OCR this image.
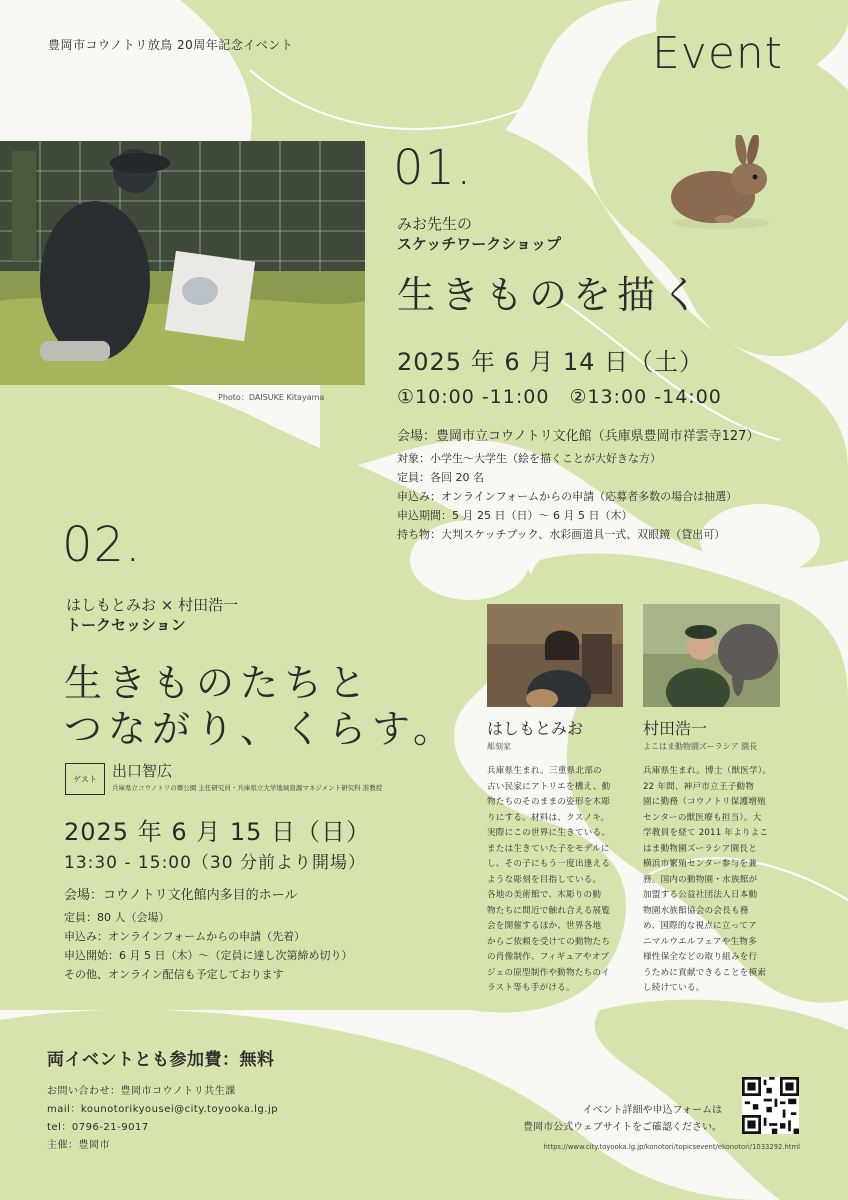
豊岡市コウノトリ放鳥 20周年記念イベント	Event
Photo：DAISUKE Kitayama
01.
みお先生の
スケッチワークショップ
生きものを描く
2025 年 6 月 14 日（土）
①10:00 -11:00　②13:00 -14:00
会場：豊岡市立コウノトリ文化館（兵庫県豊岡市祥雲寺127）
対象：小学生〜大学生（絵を描くことが大好きな方）
定員：各回 20 名
申込み：オンラインフォームからの申請（応募者多数の場合は抽選）
申込期間：5 月 25 日（日）〜 6 月 5 日（木）
持ち物：大判スケッチブック、水彩画道具一式、双眼鏡（貸出可）
02.
はしもとみお × 村田浩一
トークセッション
生きものたちと
つながり、くらす。
ゲスト	出口智広
兵庫県立コウノトリの郷公園 主任研究員・兵庫県立大学地域資源マネジメント研究科 准教授
2025 年 6 月 15 日（日）
13:30 - 15:00（30 分前より開場）
会場：コウノトリ文化館内多目的ホール
定員：80 人（会場）
申込み：オンラインフォームからの申請（先着）
申込開始：6 月 5 日（木）〜（定員に達し次第締め切り）
その他、オンライン配信も予定しております
はしもとみお
彫刻家
兵庫県生まれ。三重県北部の
古い民家にアトリエを構え、動
物たちのそのままの姿形を木彫
りにする。材料は、クスノキ。
実際にこの世界に生きている、
または生きていた子をモデルに
し、その子にもう一度出逢える
ような彫刻を目指している。
各地の美術館で、木彫りの動
物たちに間近で触れ合える展覧
会を開催するほか、世界各地
からご依頼を受けての動物たち
の肖像制作、フィギュアやオブ
ジェの原型制作や動物たちのイ
ラスト等も手がける。
村田浩一
よこはま動物園ズーラシア 園長
兵庫県生まれ。博士（獣医学）。
22 年間、神戸市立王子動物
園に勤務（コウノトリ保護増殖
センターの獣医療も担当）。大
学教員を経て 2011 年よりよこ
はま動物園ズーラシア園長と
横浜市繁殖センター参与を兼
務。国内の動物園・水族館が
加盟する公益社団法人日本動
物園水族館協会の会長も務
め、国際的な視点に立ってア
ニマルウエルフェアや生物多
様性保全などの取り組みを行
うために貢献できることを模索
し続けている。
両イベントとも参加費：無料
お問い合わせ：豊岡市コウノトリ共生課
mail：kounotorikyousei@city.toyooka.lg.jp
tel：0796-21-9017
主催：豊岡市
イベント詳細や申込フォームは
豊岡市公式ウェブサイトをご確認ください。
https://www.city.toyooka.lg.jp/konotori/topicsevent/ekonotori/1033292.html
